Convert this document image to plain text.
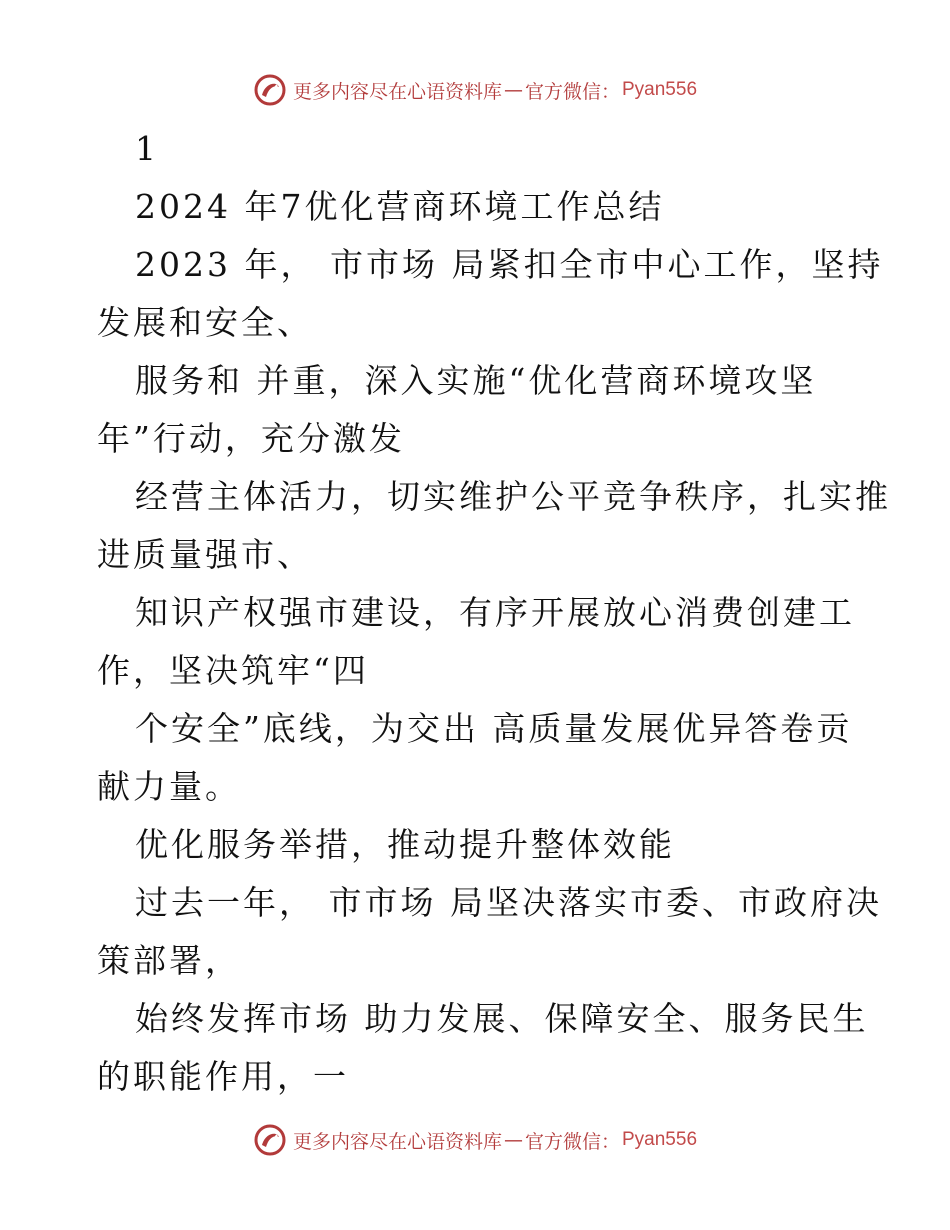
更多内容尽在心语资料库 — 官方微信： Pyan556
1
2024 年7优化营商环境工作总结
2023 年， 市市场 局紧扣全市中心工作，坚持
发展和安全、
服务和 并重，深入实施“优化营商环境攻坚
年”行动，充分激发
经营主体活力，切实维护公平竞争秩序，扎实推
进质量强市、
知识产权强市建设，有序开展放心消费创建工
作，坚决筑牢“四
个安全”底线，为交出 高质量发展优异答卷贡
献力量。
优化服务举措，推动提升整体效能
过去一年， 市市场 局坚决落实市委、市政府决
策部署，
始终发挥市场 助力发展、保障安全、服务民生
的职能作用，一
更多内容尽在心语资料库 — 官方微信： Pyan556
